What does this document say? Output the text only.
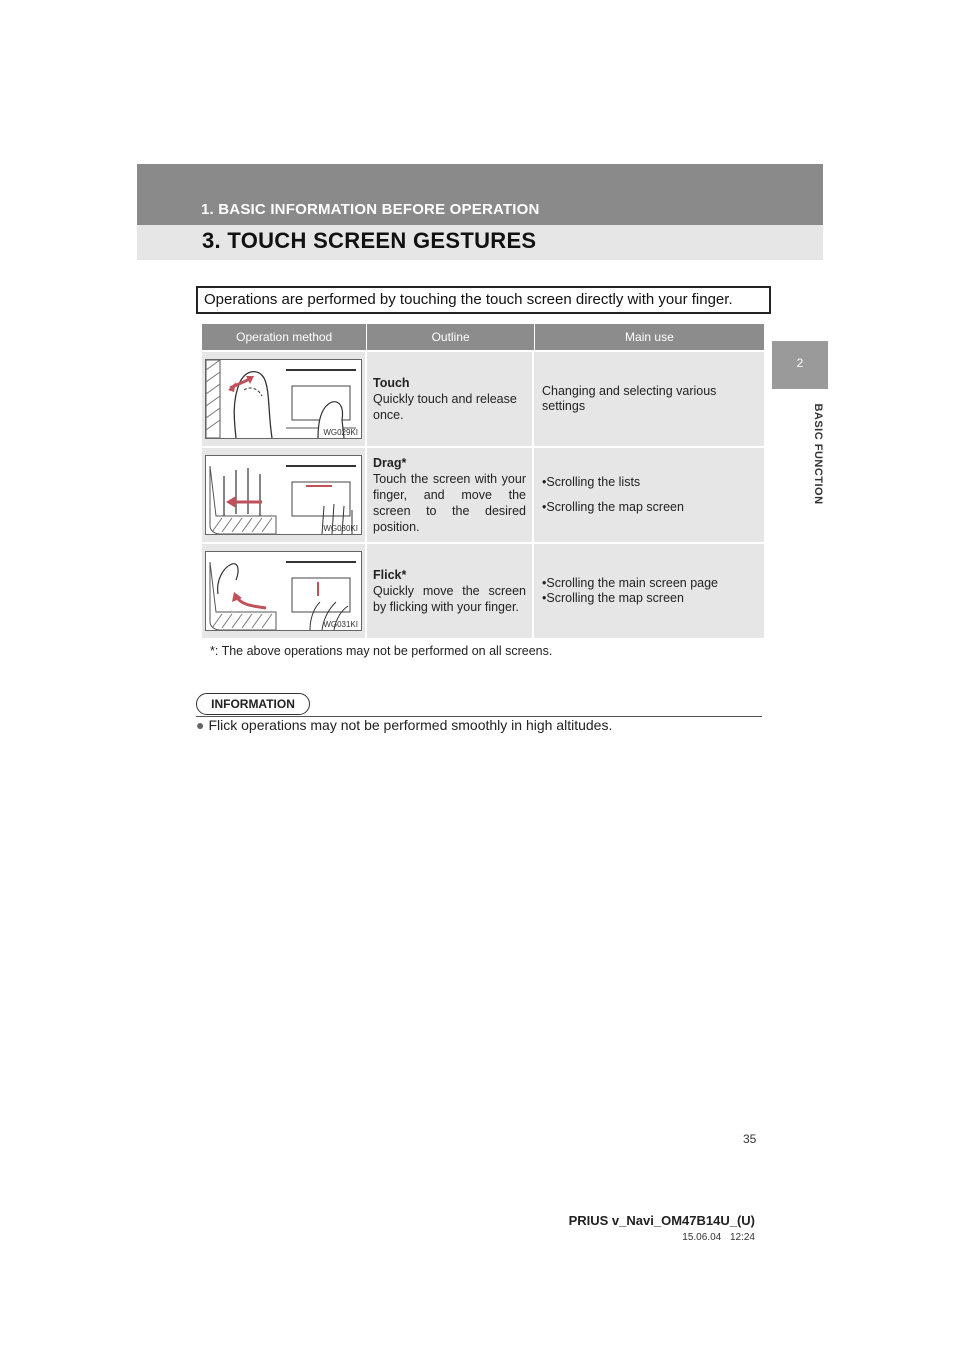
1. BASIC INFORMATION BEFORE OPERATION
3. TOUCH SCREEN GESTURES
2
BASIC FUNCTION
Operations are performed by touching the touch screen directly with your finger.
Operation method	Outline	Main use
WG029KI
Touch
Quickly touch and release once.

Changing and selecting various settings

WG030KI
Drag*
Touch the screen with your finger, and move the screen to the desired position.

•Scrolling the lists

•Scrolling the map screen

WG031KI
Flick*
Quickly move the screen by flicking with your finger.

•Scrolling the main screen page

•Scrolling the map screen

*: The above operations may not be performed on all screens.
INFORMATION
● Flick operations may not be performed smoothly in high altitudes.
35
PRIUS v_Navi_OM47B14U_(U)
15.06.04 12:24
